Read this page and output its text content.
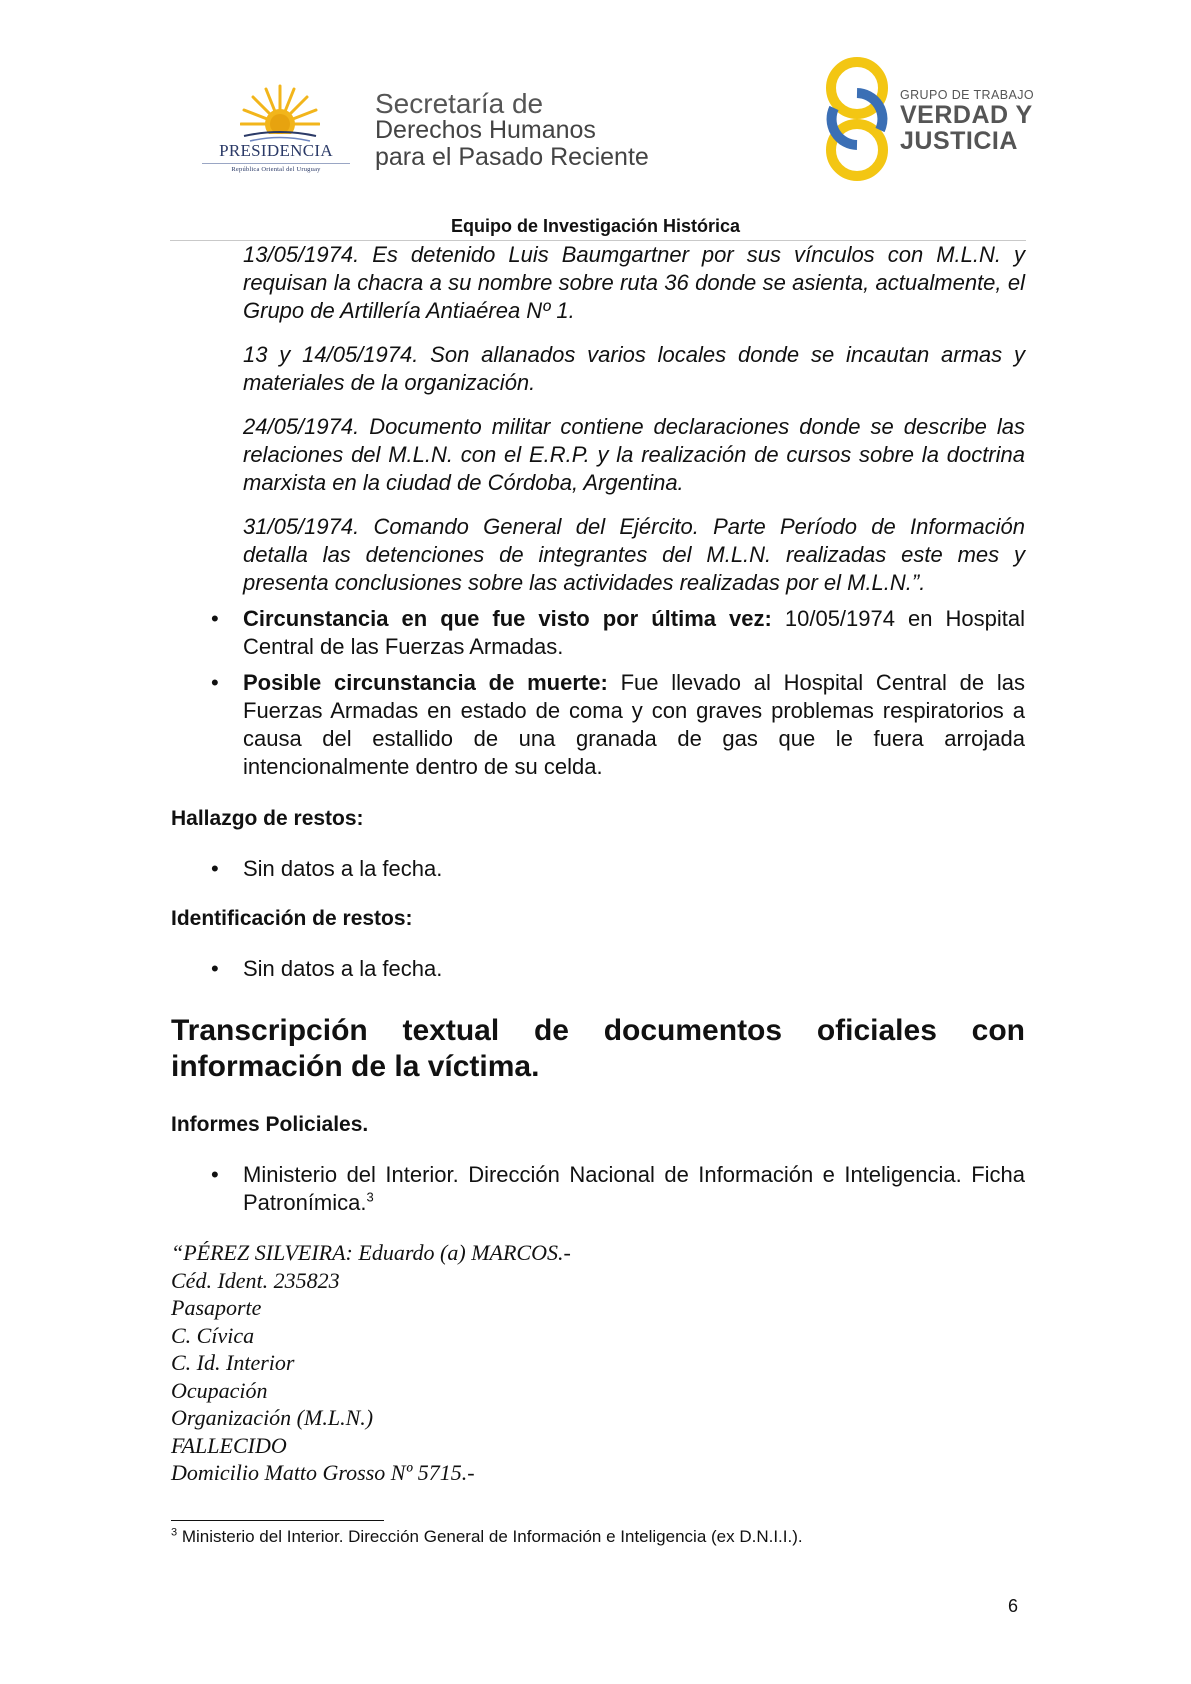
PRESIDENCIA
República Oriental del Uruguay
Secretaría de
Derechos Humanos
para el Pasado Reciente
GRUPO DE TRABAJO
VERDAD Y
JUSTICIA
Equipo de Investigación Histórica

13/05/1974. Es detenido Luis Baumgartner por sus vínculos con M.L.N. y requisan la chacra a su nombre sobre ruta 36 donde se asienta, actualmente, el Grupo de Artillería Antiaérea Nº 1.

13 y 14/05/1974. Son allanados varios locales donde se incautan armas y materiales de la organización.

24/05/1974. Documento militar contiene declaraciones donde se describe las relaciones del M.L.N. con el E.R.P. y la realización de cursos sobre la doctrina marxista en la ciudad de Córdoba, Argentina.

31/05/1974. Comando General del Ejército. Parte Período de Información detalla las detenciones de integrantes del M.L.N. realizadas este mes y presenta conclusiones sobre las actividades realizadas por el M.L.N.”.

• Circunstancia en que fue visto por última vez: 10/05/1974 en Hospital Central de las Fuerzas Armadas.
• Posible circunstancia de muerte: Fue llevado al Hospital Central de las Fuerzas Armadas en estado de coma y con graves problemas respiratorios a causa del estallido de una granada de gas que le fuera arrojada intencionalmente dentro de su celda.

Hallazgo de restos:

• Sin datos a la fecha.

Identificación de restos:

• Sin datos a la fecha.
Transcripción textual de documentos oficiales con
información de la víctima.

Informes Policiales.

• Ministerio del Interior. Dirección Nacional de Información e Inteligencia. Ficha Patronímica.$^3$
“PÉREZ SILVEIRA: Eduardo (a) MARCOS.-
Céd. Ident. 235823
Pasaporte
C. Cívica
C. Id. Interior
Ocupación
Organización (M.L.N.)
FALLECIDO
Domicilio Matto Grosso Nº 5715.-
$^3$ Ministerio del Interior. Dirección General de Información e Inteligencia (ex D.N.I.I.).
6
